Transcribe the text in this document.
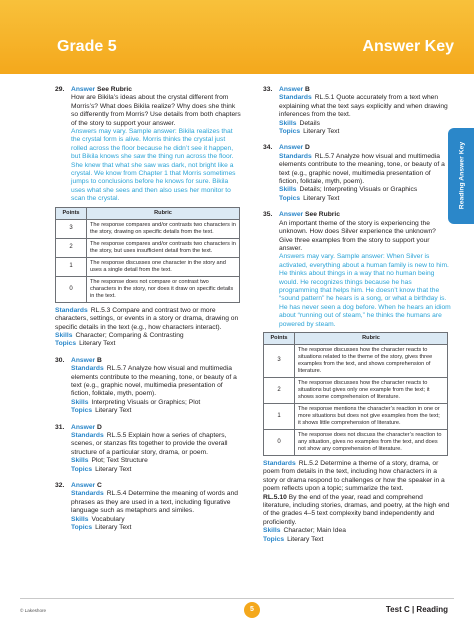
Grade 5	Answer Key
Reading Answer Key
29.	Answer See Rubric
How are Bikila’s ideas about the crystal different from Morris’s? What does Bikila realize? Why does she think so differently from Morris? Use details from both chapters of the story to support your answer.
Answers may vary. Sample answer: Bikila realizes that the crystal form is alive. Morris thinks the crystal just rolled across the floor because he didn’t see it happen, but Bikila knows she saw the thing run across the floor. She knew that what she saw was dark, not bright like a crystal. We know from Chapter 1 that Morris sometimes jumps to conclusions before he knows for sure. Bikila uses what she sees and then also uses her monitor to scan the crystal.
Points	Rubric
3	The response compares and/or contrasts two characters in the story, drawing on specific details from the text.
2	The response compares and/or contrasts two characters in the story, but uses insufficient detail from the text.
1	The response discusses one character in the story and uses a single detail from the text.
0	The response does not compare or contrast two characters in the story, nor does it draw on specific details in the text.
Standards RL.5.3 Compare and contrast two or more characters, settings, or events in a story or drama, drawing on specific details in the text (e.g., how characters interact).
Skills Character; Comparing & Contrasting
Topics Literary Text
30.	Answer B
Standards RL.5.7 Analyze how visual and multimedia elements contribute to the meaning, tone, or beauty of a text (e.g., graphic novel, multimedia presentation of fiction, folktale, myth, poem).
Skills Interpreting Visuals or Graphics; Plot
Topics Literary Text
31.	Answer D
Standards RL.5.5 Explain how a series of chapters, scenes, or stanzas fits together to provide the overall structure of a particular story, drama, or poem.
Skills Plot; Text Structure
Topics Literary Text
32.	Answer C
Standards RL.5.4 Determine the meaning of words and phrases as they are used in a text, including figurative language such as metaphors and similes.
Skills Vocabulary
Topics Literary Text
33.	Answer B
Standards RL.5.1 Quote accurately from a text when explaining what the text says explicitly and when drawing inferences from the text.
Skills Details
Topics Literary Text
34.	Answer D
Standards RL.5.7 Analyze how visual and multimedia elements contribute to the meaning, tone, or beauty of a text (e.g., graphic novel, multimedia presentation of fiction, folktale, myth, poem).
Skills Details; Interpreting Visuals or Graphics
Topics Literary Text
35.	Answer See Rubric
An important theme of the story is experiencing the unknown. How does Silver experience the unknown? Give three examples from the story to support your answer.
Answers may vary. Sample answer: When Silver is activated, everything about a human family is new to him. He thinks about things in a way that no human being would. He recognizes things because he has programming that helps him. He doesn’t know that the “sound pattern” he hears is a song, or what a birthday is. He has never seen a dog before. When he hears an idiom about “running out of steam,” he thinks the humans are powered by steam.
Points	Rubric
3	The response discusses how the character reacts to situations related to the theme of the story, gives three examples from the text, and shows comprehension of literature.
2	The response discusses how the character reacts to situations but gives only one example from the text; it shows some comprehension of literature.
1	The response mentions the character’s reaction in one or more situations but does not give examples from the text; it shows little comprehension of literature.
0	The response does not discuss the character’s reaction to any situation, gives no examples from the text, and does not show any comprehension of literature.
Standards RL.5.2 Determine a theme of a story, drama, or poem from details in the text, including how characters in a story or drama respond to challenges or how the speaker in a poem reflects upon a topic; summarize the text.
RL.5.10 By the end of the year, read and comprehend literature, including stories, dramas, and poetry, at the high end of the grades 4–5 text complexity band independently and proficiently.
Skills Character; Main Idea
Topics Literary Text
© Lakeshore	5	Test C | Reading
